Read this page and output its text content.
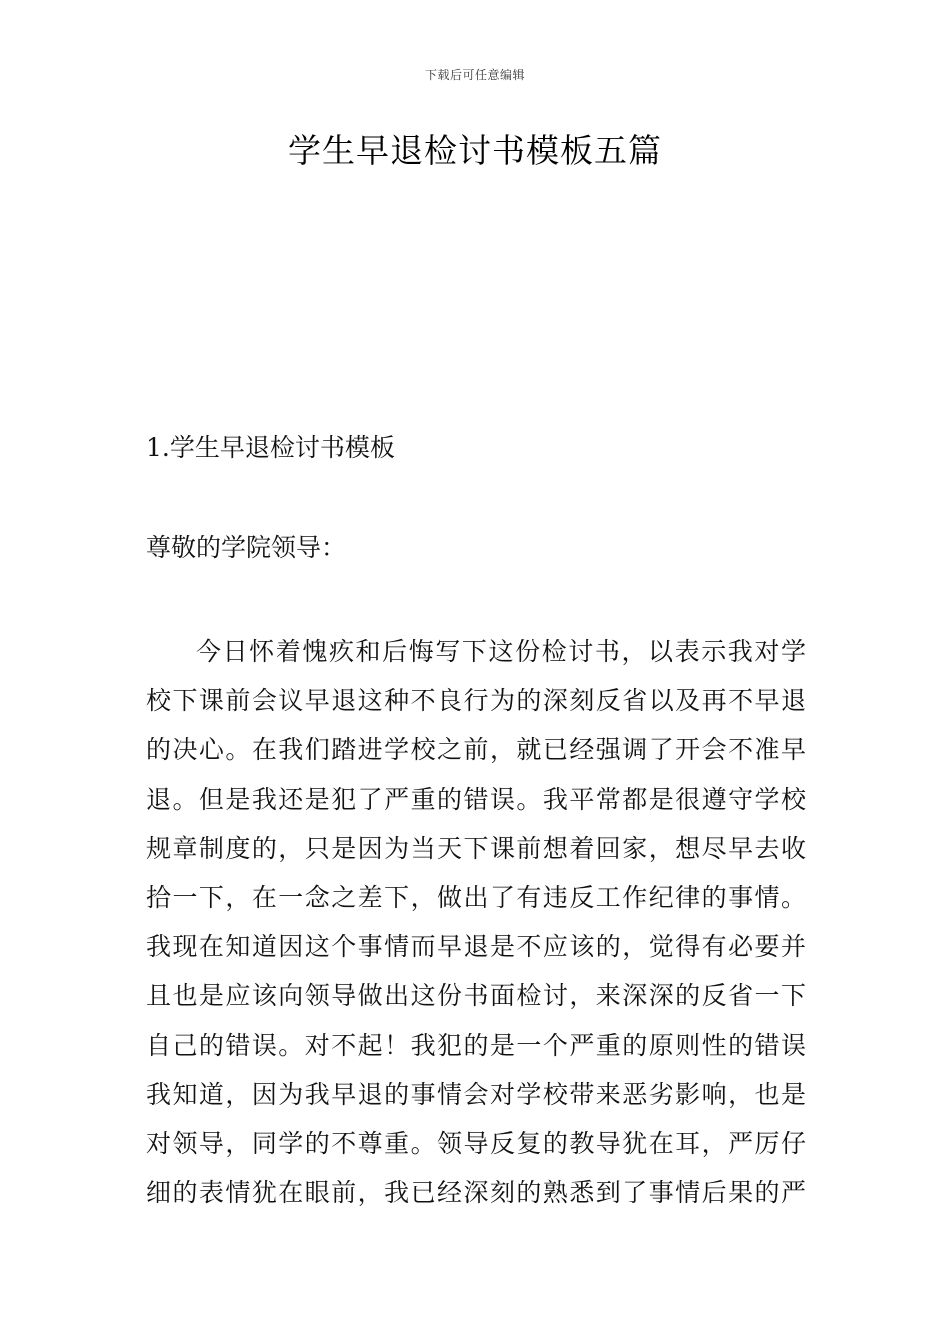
下载后可任意编辑
学生早退检讨书模板五篇
1.学生早退检讨书模板
尊敬的学院领导：
今日怀着愧疚和后悔写下这份检讨书，以表示我对学
校下课前会议早退这种不良行为的深刻反省以及再不早退
的决心。在我们踏进学校之前，就已经强调了开会不准早
退。但是我还是犯了严重的错误。我平常都是很遵守学校
规章制度的，只是因为当天下课前想着回家，想尽早去收
拾一下，在一念之差下，做出了有违反工作纪律的事情。
我现在知道因这个事情而早退是不应该的，觉得有必要并
且也是应该向领导做出这份书面检讨，来深深的反省一下
自己的错误。对不起！我犯的是一个严重的原则性的错误
我知道，因为我早退的事情会对学校带来恶劣影响，也是
对领导，同学的不尊重。领导反复的教导犹在耳，严厉仔
细的表情犹在眼前，我已经深刻的熟悉到了事情后果的严
